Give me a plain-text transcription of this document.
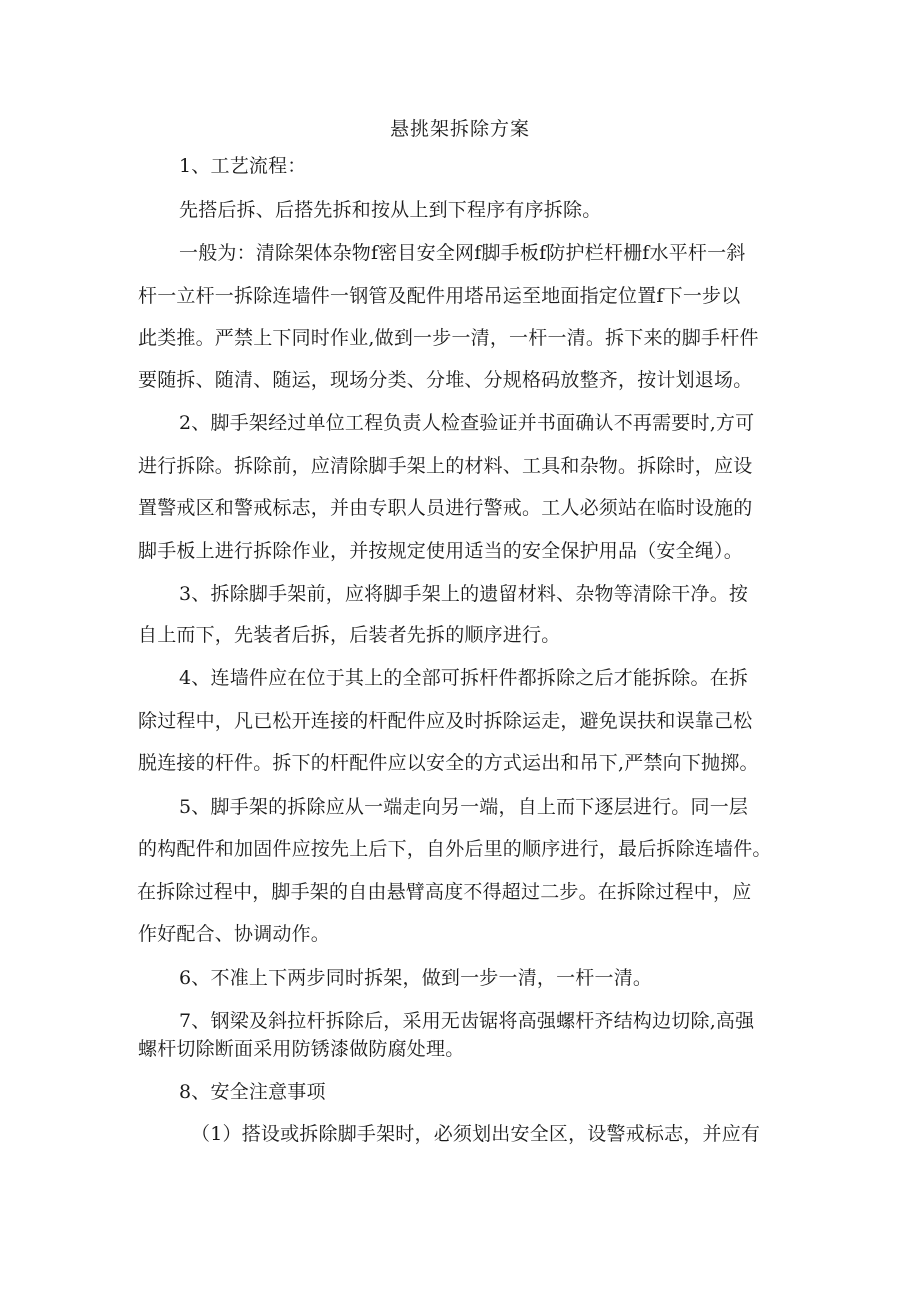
悬挑架拆除方案
1、工艺流程：
先搭后拆、后搭先拆和按从上到下程序有序拆除。
一般为：清除架体杂物f密目安全网f脚手板f防护栏杆栅f水平杆一斜
杆一立杆一拆除连墙件一钢管及配件用塔吊运至地面指定位置f下一步以
此类推。严禁上下同时作业,做到一步一清，一杆一清。拆下来的脚手杆件
要随拆、随清、随运，现场分类、分堆、分规格码放整齐，按计划退场。
2、脚手架经过单位工程负责人检查验证并书面确认不再需要时,方可
进行拆除。拆除前，应清除脚手架上的材料、工具和杂物。拆除时，应设
置警戒区和警戒标志，并由专职人员进行警戒。工人必须站在临时设施的
脚手板上进行拆除作业，并按规定使用适当的安全保护用品（安全绳）。
3、拆除脚手架前，应将脚手架上的遗留材料、杂物等清除干净。按
自上而下，先装者后拆，后装者先拆的顺序进行。
4、连墙件应在位于其上的全部可拆杆件都拆除之后才能拆除。在拆
除过程中，凡已松开连接的杆配件应及时拆除运走，避免误扶和误靠己松
脱连接的杆件。拆下的杆配件应以安全的方式运出和吊下,严禁向下抛掷。
5、脚手架的拆除应从一端走向另一端，自上而下逐层进行。同一层
的构配件和加固件应按先上后下，自外后里的顺序进行，最后拆除连墙件。
在拆除过程中，脚手架的自由悬臂高度不得超过二步。在拆除过程中，应
作好配合、协调动作。
6、不准上下两步同时拆架，做到一步一清，一杆一清。
7、钢梁及斜拉杆拆除后，采用无齿锯将高强螺杆齐结构边切除,高强
螺杆切除断面采用防锈漆做防腐处理。
8、安全注意事项
（1）搭设或拆除脚手架时，必须划出安全区，设警戒标志，并应有
